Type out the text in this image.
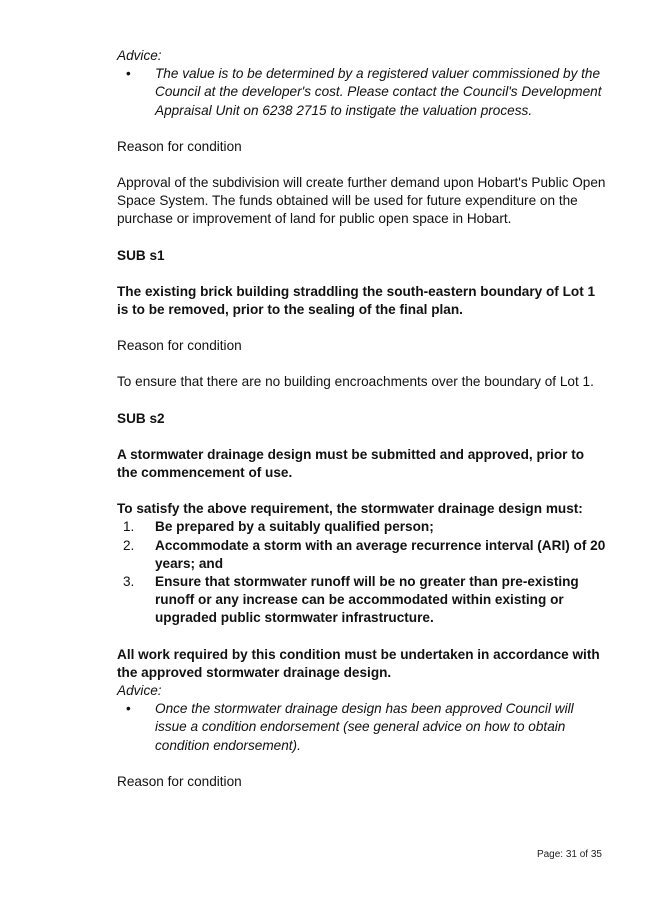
Advice:

• The value is to be determined by a registered valuer commissioned by the Council at the developer's cost. Please contact the Council's Development Appraisal Unit on 6238 2715 to instigate the valuation process.

Reason for condition

Approval of the subdivision will create further demand upon Hobart's Public Open Space System. The funds obtained will be used for future expenditure on the purchase or improvement of land for public open space in Hobart.

SUB s1

The existing brick building straddling the south-eastern boundary of Lot 1 is to be removed, prior to the sealing of the final plan.

Reason for condition

To ensure that there are no building encroachments over the boundary of Lot 1.

SUB s2

A stormwater drainage design must be submitted and approved, prior to the commencement of use.

To satisfy the above requirement, the stormwater drainage design must:

1. Be prepared by a suitably qualified person;
2. Accommodate a storm with an average recurrence interval (ARI) of 20 years; and
3. Ensure that stormwater runoff will be no greater than pre-existing runoff or any increase can be accommodated within existing or upgraded public stormwater infrastructure.

All work required by this condition must be undertaken in accordance with the approved stormwater drainage design.

Advice:

• Once the stormwater drainage design has been approved Council will issue a condition endorsement (see general advice on how to obtain condition endorsement).

Reason for condition

Page: 31 of 35
